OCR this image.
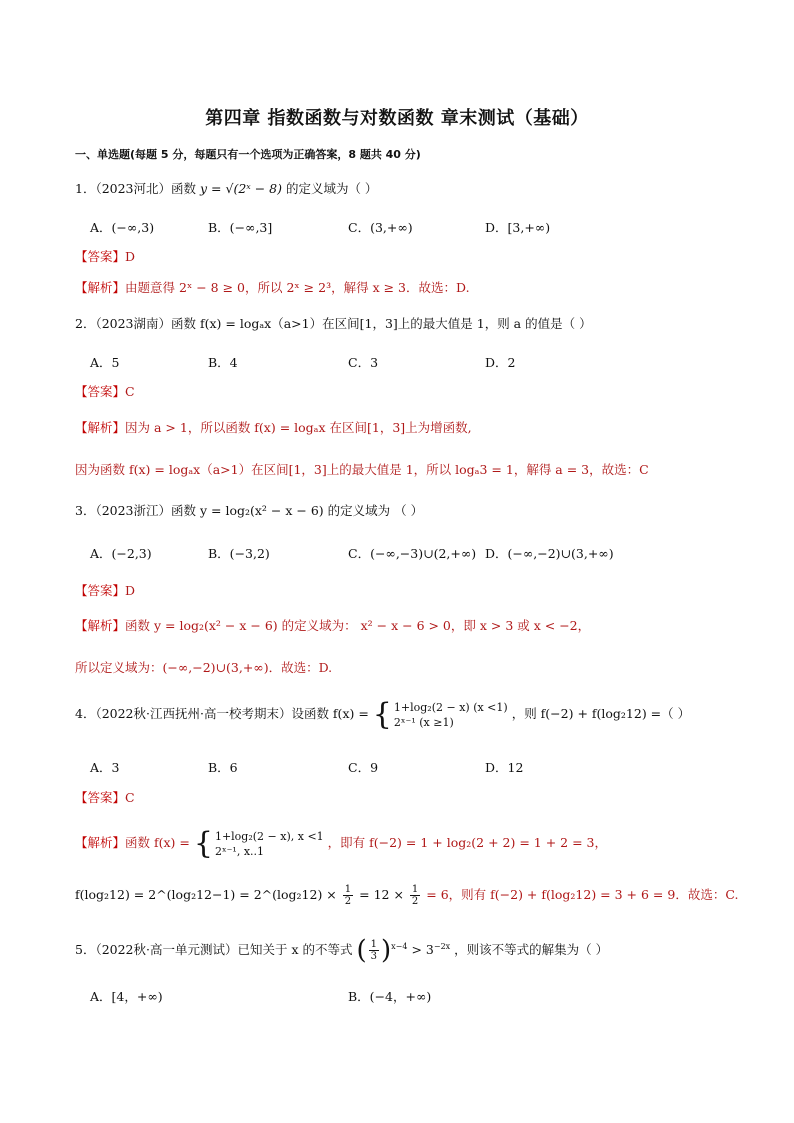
第四章 指数函数与对数函数 章末测试（基础）
一、单选题(每题 5 分，每题只有一个选项为正确答案，8 题共 40 分)
1．（2023河北）函数 y = √(2ˣ − 8) 的定义域为（ ）
A．(−∞,3)	B．(−∞,3]	C．(3,+∞)	D．[3,+∞)
【答案】D
【解析】由题意得 2ˣ − 8 ≥ 0，所以 2ˣ ≥ 2³，解得 x ≥ 3．故选：D.
2．（2023湖南）函数 f(x) = logₐx（a>1）在区间[1，3]上的最大值是 1，则 a 的值是（ ）
A．5	B．4	C．3	D．2
【答案】C
【解析】因为 a > 1，所以函数 f(x) = logₐx 在区间[1，3]上为增函数,
因为函数 f(x) = logₐx（a>1）在区间[1，3]上的最大值是 1，所以 logₐ3 = 1，解得 a = 3，故选：C
3．（2023浙江）函数 y = log₂(x² − x − 6) 的定义域为 （ ）
A．(−2,3)	B．(−3,2)	C．(−∞,−3)∪(2,+∞) D．(−∞,−2)∪(3,+∞)
【答案】D
【解析】函数 y = log₂(x² − x − 6) 的定义域为： x² − x − 6 > 0，即 x > 3 或 x < −2，
所以定义域为：(−∞,−2)∪(3,+∞)．故选：D.
4．（2022秋·江西抚州·高一校考期末）设函数 f(x) = { 1+log₂(2 − x) (x <1)
2ˣ⁻¹ (x ≥1)
，则 f(−2) + f(log₂12) =（ ）
A．3	B．6	C．9	D．12
【答案】C
【解析】函数 f(x) = { 1+log₂(2 − x), x <1
2ˣ⁻¹, x..1
，即有 f(−2) = 1 + log₂(2 + 2) = 1 + 2 = 3，
f(log₂12) = 2^(log₂12−1) = 2^(log₂12) × $\frac{1}{2} = 12 \times \frac{1}{2} = 6$，则有 f(−2) + f(log₂12) = 3 + 6 = 9．故选：C.
5．（2022秋·高一单元测试）已知关于 x 的不等式 ( $\frac{1}{3} )^{x-4} > 3^{-2x}$ ，则该不等式的解集为（ ）
A．[4，+∞)	B．(−4，+∞)
